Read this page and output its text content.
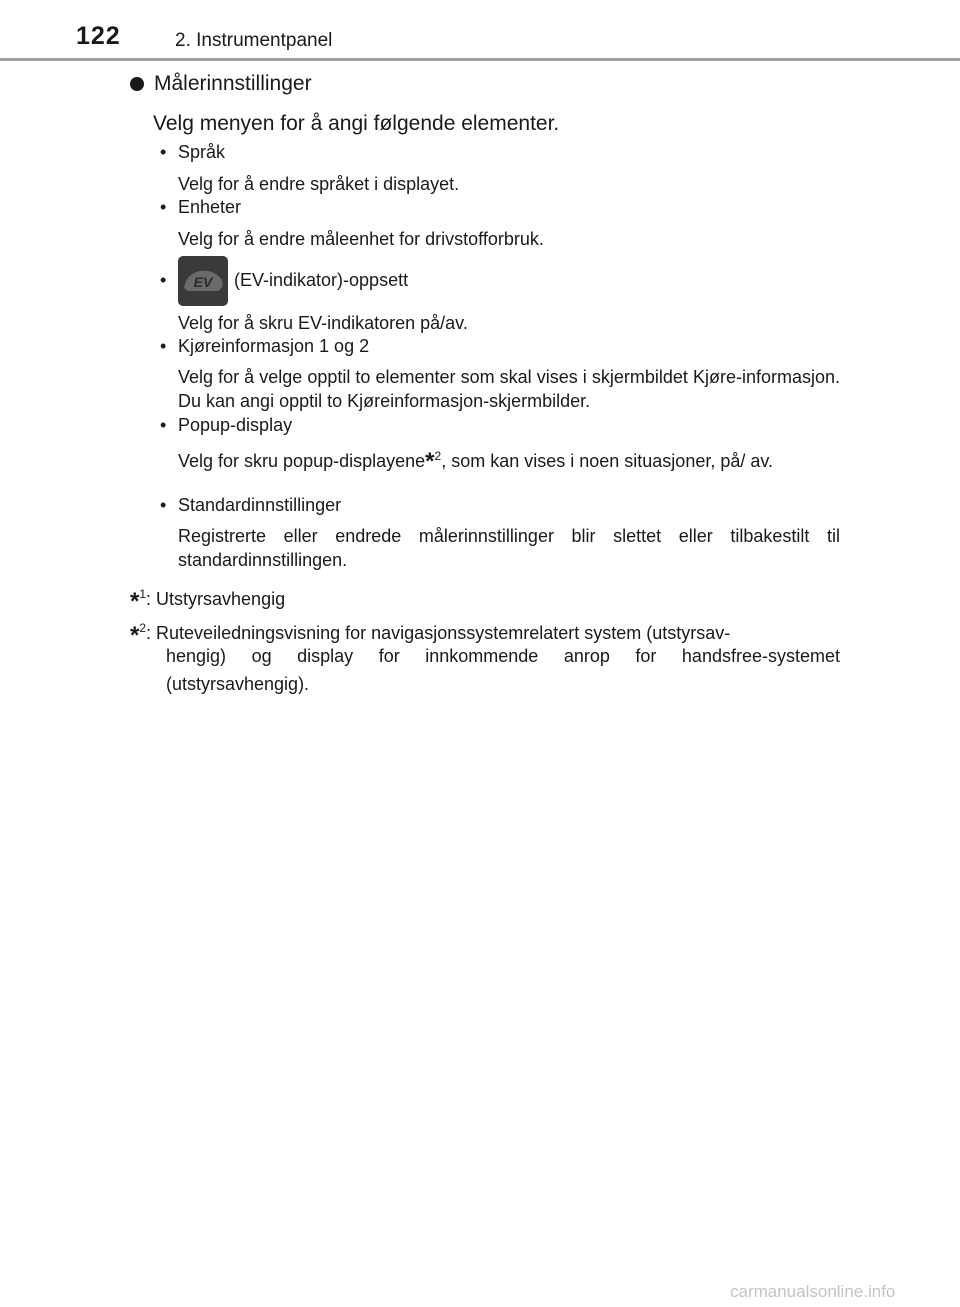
122	2. Instrumentpanel
Målerinnstillinger
Velg menyen for å angi følgende elementer.
• Språk
Velg for å endre språket i displayet.
• Enheter
Velg for å endre måleenhet for drivstofforbruk.
• EV (EV-indikator)-oppsett
Velg for å skru EV-indikatoren på/av.
• Kjøreinformasjon 1 og 2
Velg for å velge opptil to elementer som skal vises i skjermbildet Kjøre-informasjon. Du kan angi opptil to Kjøreinformasjon-skjermbilder.
• Popup-display
Velg for skru popup-displayene*$^2$, som kan vises i noen situasjoner, på/ av.
• Standardinnstillinger
Registrerte eller endrede målerinnstillinger blir slettet eller tilbakestilt til standardinnstillingen.
*$^1$: Utstyrsavhengig
*$^2$: Ruteveiledningsvisning for navigasjonssystemrelatert system (utstyrsav-
hengig) og display for innkommende anrop for handsfree-systemet (utstyrsavhengig).
carmanualsonline.info
